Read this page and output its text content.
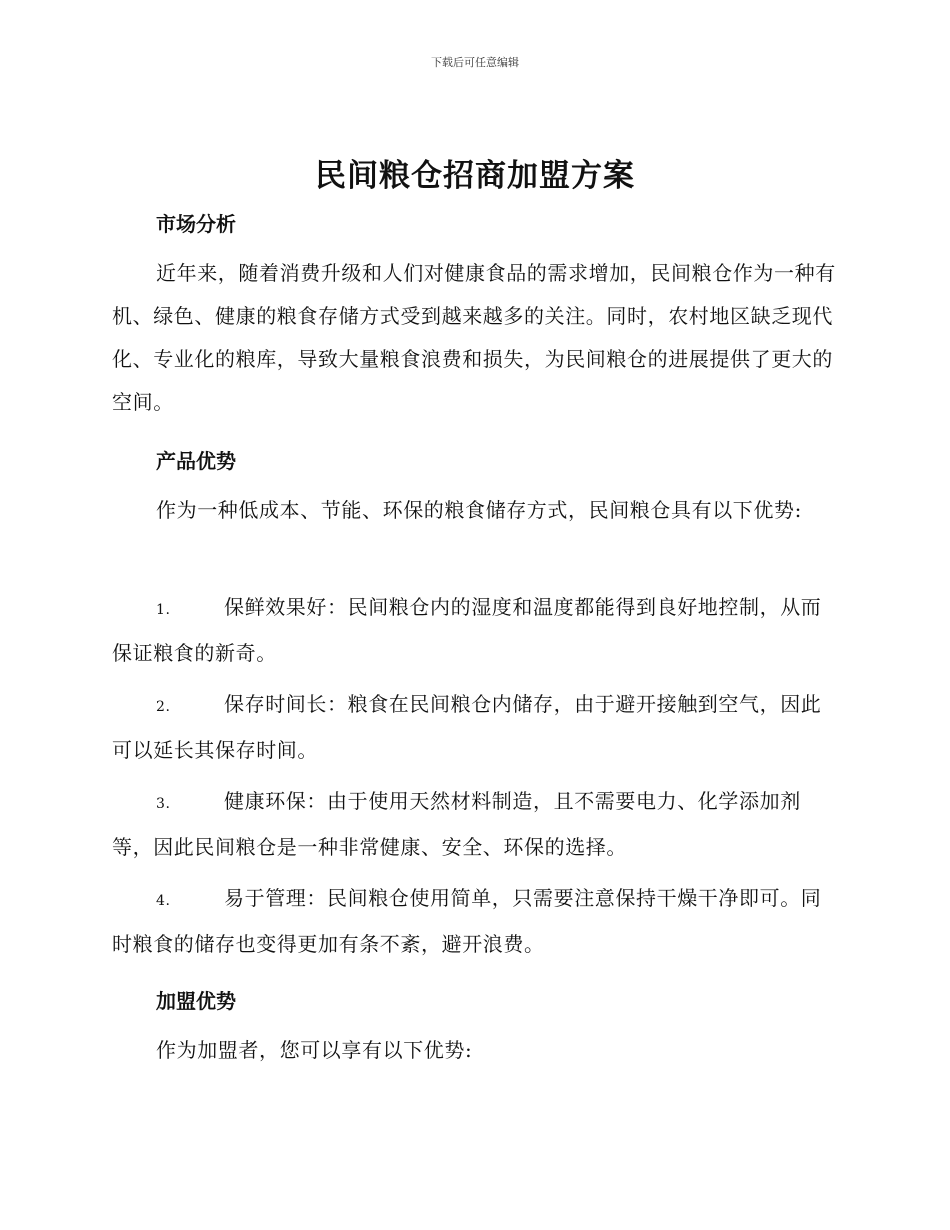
下载后可任意编辑
民间粮仓招商加盟方案
市场分析

近年来，随着消费升级和人们对健康食品的需求增加，民间粮仓作为一种有机、绿色、健康的粮食存储方式受到越来越多的关注。同时，农村地区缺乏现代化、专业化的粮库，导致大量粮食浪费和损失，为民间粮仓的进展提供了更大的空间。

产品优势

作为一种低成本、节能、环保的粮食储存方式，民间粮仓具有以下优势:

1.	保鲜效果好：民间粮仓内的湿度和温度都能得到良好地控制，从而保证粮食的新奇。

2.	保存时间长：粮食在民间粮仓内储存，由于避开接触到空气，因此可以延长其保存时间。

3.	健康环保：由于使用天然材料制造，且不需要电力、化学添加剂等，因此民间粮仓是一种非常健康、安全、环保的选择。

4.	易于管理：民间粮仓使用简单，只需要注意保持干燥干净即可。同时粮食的储存也变得更加有条不紊，避开浪费。

加盟优势

作为加盟者，您可以享有以下优势:
